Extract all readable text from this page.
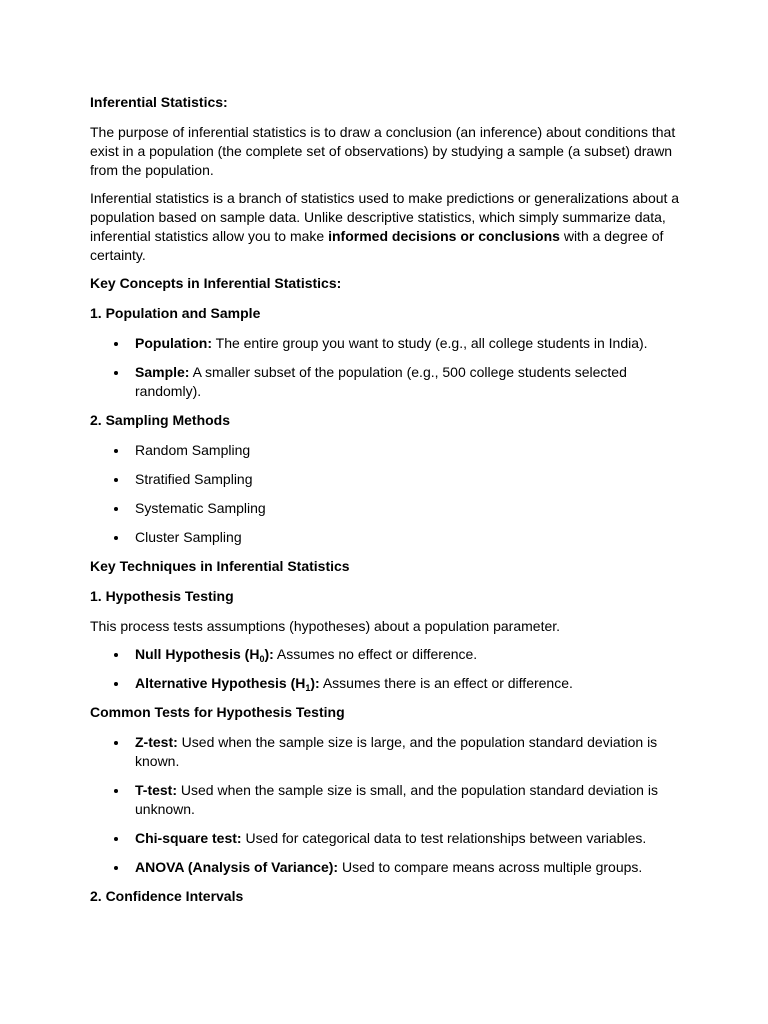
Inferential Statistics:

The purpose of inferential statistics is to draw a conclusion (an inference) about conditions that exist in a population (the complete set of observations) by studying a sample (a subset) drawn from the population.

Inferential statistics is a branch of statistics used to make predictions or generalizations about a population based on sample data. Unlike descriptive statistics, which simply summarize data, inferential statistics allow you to make informed decisions or conclusions with a degree of certainty.

Key Concepts in Inferential Statistics:
1. Population and Sample
Population: The entire group you want to study (e.g., all college students in India).
Sample: A smaller subset of the population (e.g., 500 college students selected randomly).
2. Sampling Methods
Random Sampling
Stratified Sampling
Systematic Sampling
Cluster Sampling
Key Techniques in Inferential Statistics
1. Hypothesis Testing

This process tests assumptions (hypotheses) about a population parameter.

Null Hypothesis $(H_0)$: Assumes no effect or difference.
Alternative Hypothesis $(H_1)$: Assumes there is an effect or difference.
Common Tests for Hypothesis Testing
Z-test: Used when the sample size is large, and the population standard deviation is known.
T-test: Used when the sample size is small, and the population standard deviation is unknown.
Chi-square test: Used for categorical data to test relationships between variables.
ANOVA (Analysis of Variance): Used to compare means across multiple groups.
2. Confidence Intervals
